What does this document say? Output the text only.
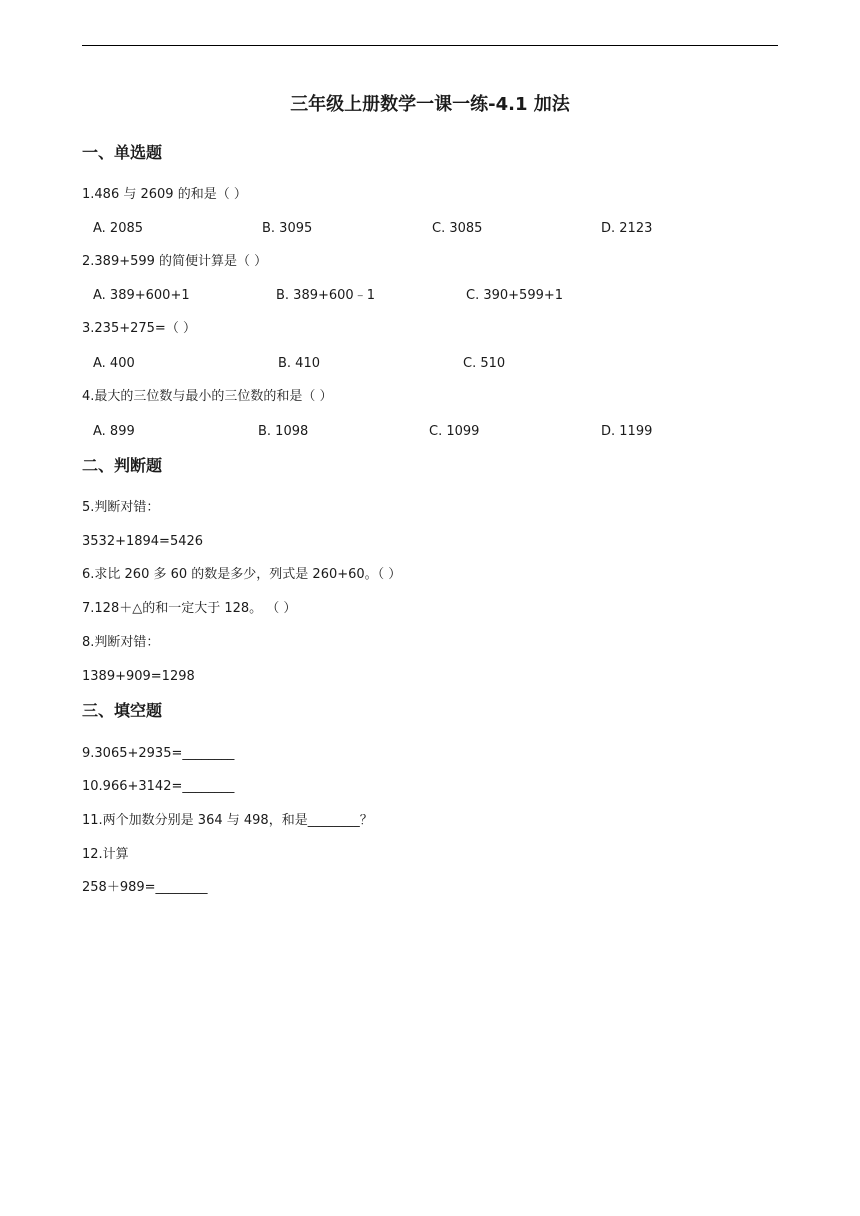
三年级上册数学一课一练-4.1 加法
一、单选题
1.486 与 2609 的和是（ ）
A. 2085	B. 3095	C. 3085	D. 2123
2.389+599 的简便计算是（ ）
A. 389+600+1	B. 389+600﹣1	C. 390+599+1
3.235+275=（ ）
A. 400	B. 410	C. 510
4.最大的三位数与最小的三位数的和是（ ）
A. 899	B. 1098	C. 1099	D. 1199
二、判断题
5.判断对错：
3532+1894=5426
6.求比 260 多 60 的数是多少，列式是 260+60。（ ）
7.128＋△的和一定大于 128。 （ ）
8.判断对错：
1389+909=1298
三、填空题
9.3065+2935=________
10.966+3142=________
11.两个加数分别是 364 与 498，和是________？
12.计算
258＋989=________
